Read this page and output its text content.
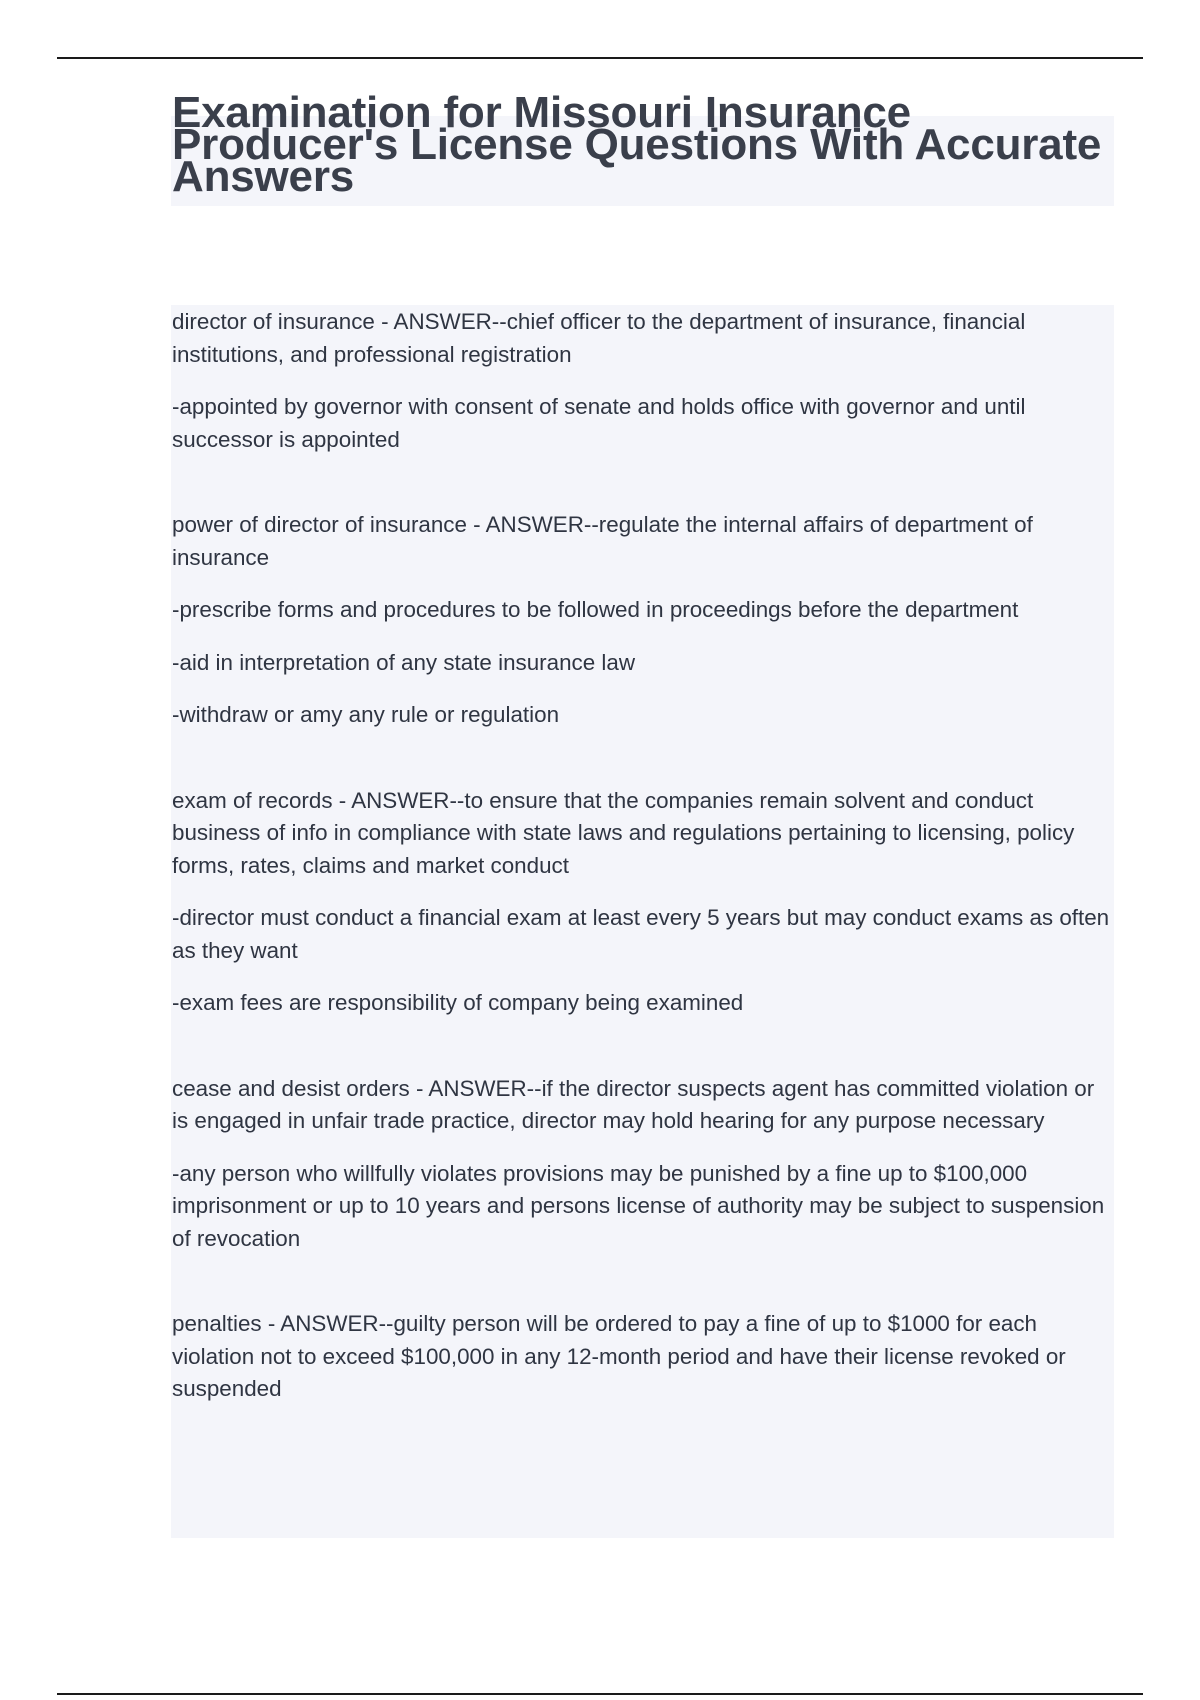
Examination for Missouri Insurance Producer's License Questions With Accurate Answers

director of insurance - ANSWER--chief officer to the department of insurance, financial institutions, and professional registration

-appointed by governor with consent of senate and holds office with governor and until successor is appointed

power of director of insurance - ANSWER--regulate the internal affairs of department of insurance

-prescribe forms and procedures to be followed in proceedings before the department

-aid in interpretation of any state insurance law

-withdraw or amy any rule or regulation

exam of records - ANSWER--to ensure that the companies remain solvent and conduct business of info in compliance with state laws and regulations pertaining to licensing, policy forms, rates, claims and market conduct

-director must conduct a financial exam at least every 5 years but may conduct exams as often as they want

-exam fees are responsibility of company being examined

cease and desist orders - ANSWER--if the director suspects agent has committed violation or is engaged in unfair trade practice, director may hold hearing for any purpose necessary

-any person who willfully violates provisions may be punished by a fine up to $100,000 imprisonment or up to 10 years and persons license of authority may be subject to suspension of revocation

penalties - ANSWER--guilty person will be ordered to pay a fine of up to $1000 for each violation not to exceed $100,000 in any 12-month period and have their license revoked or suspended
